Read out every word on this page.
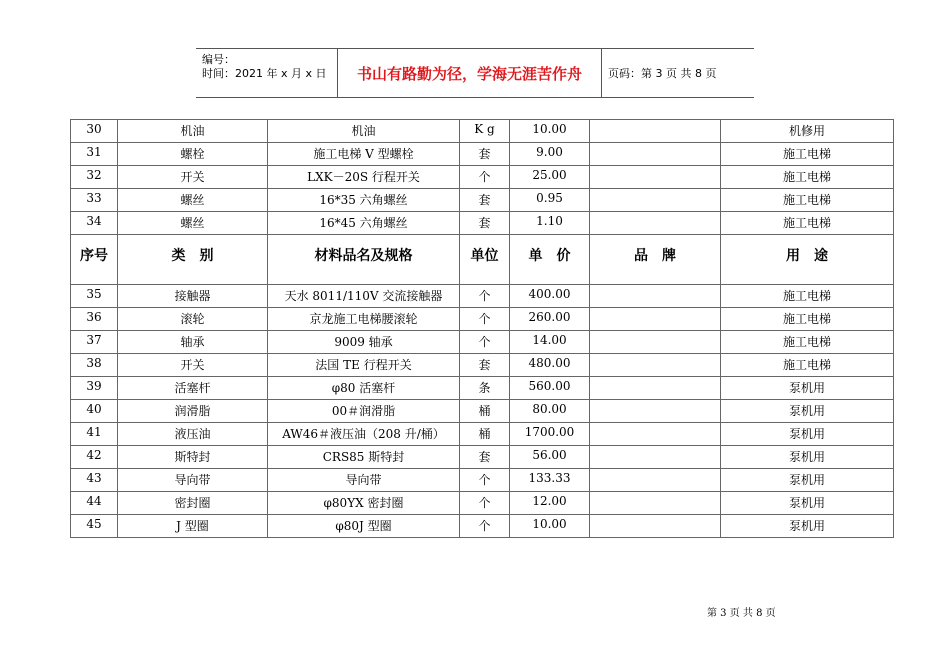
编号：
时间：2021 年 x 月 x 日	书山有路勤为径，学海无涯苦作舟	页码：第 3 页 共 8 页
30	机油	机油	K g	10.00		机修用
31	螺栓	施工电梯 V 型螺栓	套	9.00		施工电梯
32	开关	LXK－20S 行程开关	个	25.00		施工电梯
33	螺丝	16*35 六角螺丝	套	0.95		施工电梯
34	螺丝	16*45 六角螺丝	套	1.10		施工电梯
序号	类　别	材料品名及规格	单位	单　价	品　牌	用　途
35	接触器	天水 8011/110V 交流接触器	个	400.00		施工电梯
36	滚轮	京龙施工电梯腰滚轮	个	260.00		施工电梯
37	轴承	9009 轴承	个	14.00		施工电梯
38	开关	法国 TE 行程开关	套	480.00		施工电梯
39	活塞杆	φ80 活塞杆	条	560.00		泵机用
40	润滑脂	00＃润滑脂	桶	80.00		泵机用
41	液压油	AW46＃液压油（208 升/桶）	桶	1700.00		泵机用
42	斯特封	CRS85 斯特封	套	56.00		泵机用
43	导向带	导向带	个	133.33		泵机用
44	密封圈	φ80YX 密封圈	个	12.00		泵机用
45	J 型圈	φ80J 型圈	个	10.00		泵机用
第 3 页 共 8 页
